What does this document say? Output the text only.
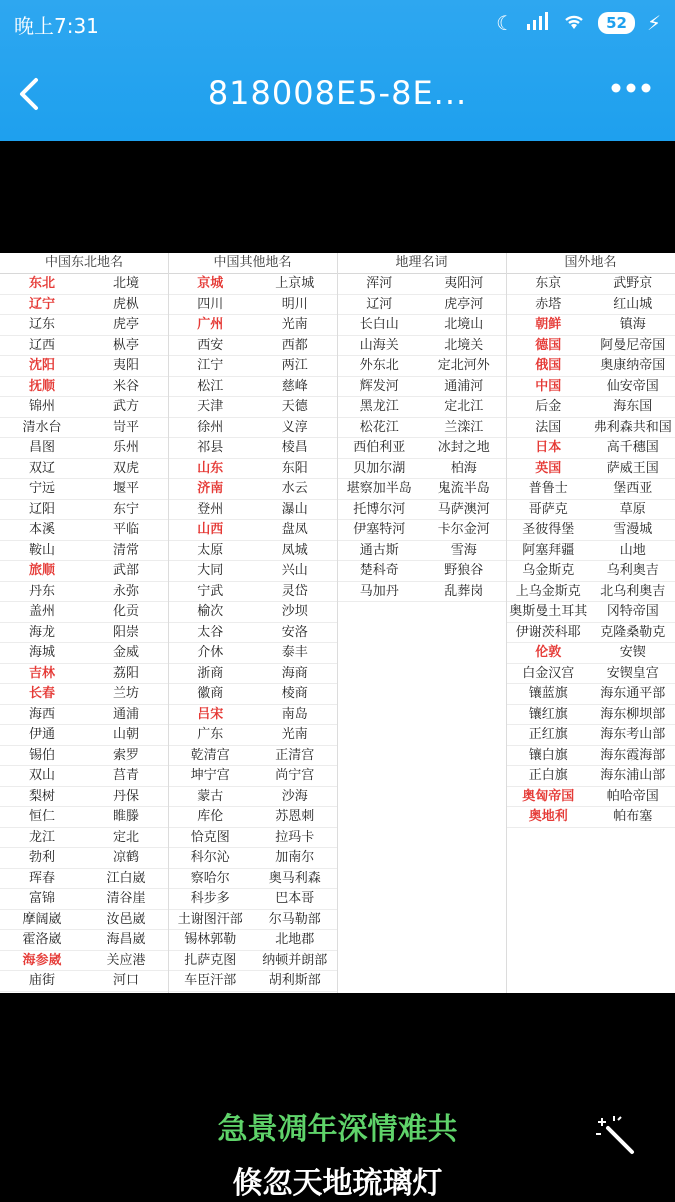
晚上7:31	☾	52	⚡
818008E5-8E...
中国东北地名
东北	北境
辽宁	虎枞
辽东	虎亭
辽西	枞亭
沈阳	夷阳
抚顺	米谷
锦州	武方
清水台	岢平
昌图	乐州
双辽	双虎
宁远	堰平
辽阳	东宁
本溪	平临
鞍山	清常
旅顺	武部
丹东	永弥
盖州	化贡
海龙	阳崇
海城	金威
吉林	荔阳
长春	兰坊
海西	通浦
伊通	山朝
锡伯	索罗
双山	莒青
梨树	丹保
恒仁	睢滕
龙江	定北
勃利	凉鹤
珲春	江白崴
富锦	清谷崖
摩阔崴	汝邑崴
霍洛崴	海昌崴
海参崴	关应港
庙街	河口
中国其他地名
京城	上京城
四川	明川
广州	光南
西安	西都
江宁	两江
松江	慈峰
天津	天德
徐州	义淳
祁县	棱昌
山东	东阳
济南	水云
登州	瀑山
山西	盘凤
太原	凤城
大同	兴山
宁武	灵岱
榆次	沙坝
太谷	安洛
介休	泰丰
浙商	海商
徽商	棱商
吕宋	南岛
广东	光南
乾清宫	正清宫
坤宁宫	尚宁宫
蒙古	沙海
库伦	苏恩刺
恰克图	拉玛卡
科尔沁	加南尔
察哈尔	奥马利森
科步多	巴本哥
土谢图汗部	尔马勒部
锡林郭勒	北地郡
扎萨克图	纳顿并朗部
车臣汗部	胡利斯部
地理名词
浑河	夷阳河
辽河	虎亭河
长白山	北境山
山海关	北境关
外东北	定北河外
辉发河	通浦河
黑龙江	定北江
松花江	兰滦江
西伯利亚	冰封之地
贝加尔湖	柏海
堪察加半岛	鬼流半岛
托博尔河	马萨澳河
伊塞特河	卡尔金河
通古斯	雪海
楚科奇	野狼谷
马加丹	乱葬岗
国外地名
东京	武野京
赤塔	红山城
朝鲜	镇海
德国	阿曼尼帝国
俄国	奥康纳帝国
中国	仙安帝国
后金	海东国
法国	弗利森共和国
日本	高千穗国
英国	萨威王国
普鲁士	堡西亚
哥萨克	草原
圣彼得堡	雪漫城
阿塞拜疆	山地
乌金斯克	乌利奥吉
上乌金斯克	北乌利奥吉
奥斯曼土耳其	冈特帝国
伊谢茨科耶	克隆桑勒克
伦敦	安锲
白金汉宫	安锲皇宫
镶蓝旗	海东通平部
镶红旗	海东柳坝部
正红旗	海东考山部
镶白旗	海东霞海部
正白旗	海东浦山部
奥匈帝国	帕哈帝国
奥地利	帕布塞
急景凋年深情难共
倏忽天地琉璃灯
